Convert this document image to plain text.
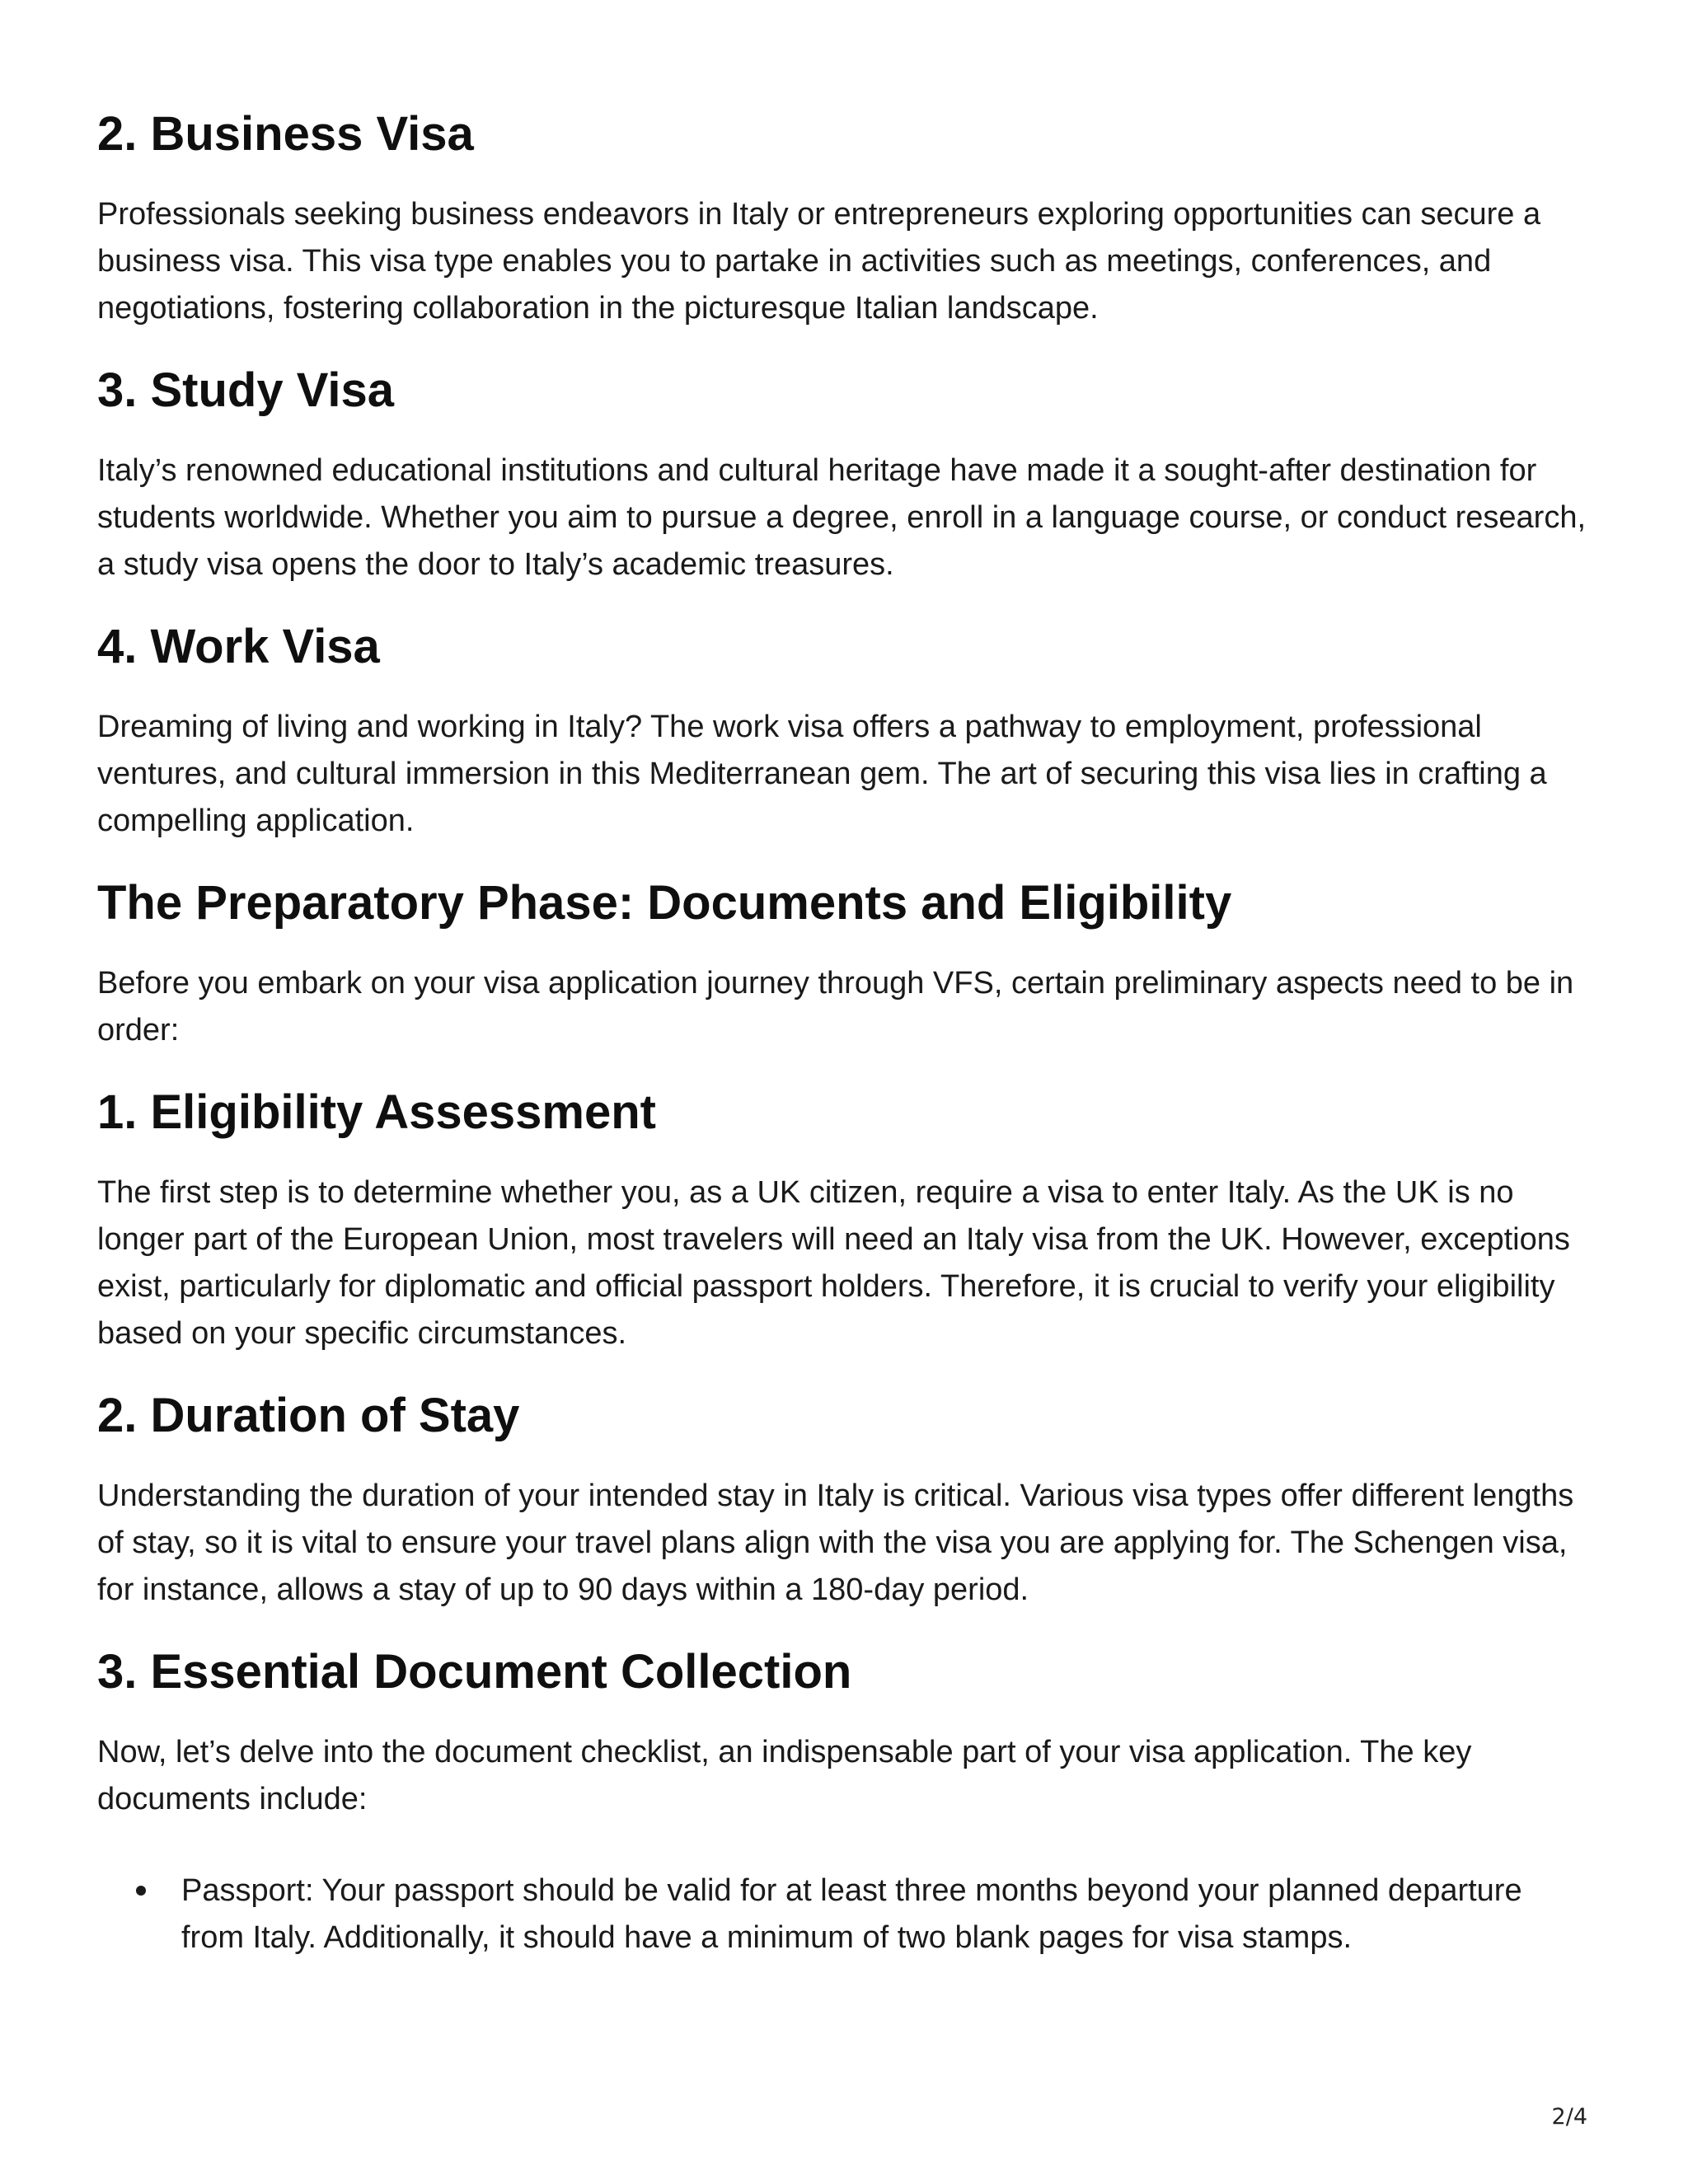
2. Business Visa

Professionals seeking business endeavors in Italy or entrepreneurs exploring opportunities can secure a business visa. This visa type enables you to partake in activities such as meetings, conferences, and negotiations, fostering collaboration in the picturesque Italian landscape.

3. Study Visa

Italy’s renowned educational institutions and cultural heritage have made it a sought-after destination for students worldwide. Whether you aim to pursue a degree, enroll in a language course, or conduct research, a study visa opens the door to Italy’s academic treasures.

4. Work Visa

Dreaming of living and working in Italy? The work visa offers a pathway to employment, professional ventures, and cultural immersion in this Mediterranean gem. The art of securing this visa lies in crafting a compelling application.

The Preparatory Phase: Documents and Eligibility

Before you embark on your visa application journey through VFS, certain preliminary aspects need to be in order:

1. Eligibility Assessment

The first step is to determine whether you, as a UK citizen, require a visa to enter Italy. As the UK is no longer part of the European Union, most travelers will need an Italy visa from the UK. However, exceptions exist, particularly for diplomatic and official passport holders. Therefore, it is crucial to verify your eligibility based on your specific circumstances.

2. Duration of Stay

Understanding the duration of your intended stay in Italy is critical. Various visa types offer different lengths of stay, so it is vital to ensure your travel plans align with the visa you are applying for. The Schengen visa, for instance, allows a stay of up to 90 days within a 180-day period.

3. Essential Document Collection

Now, let’s delve into the document checklist, an indispensable part of your visa application. The key documents include:

Passport: Your passport should be valid for at least three months beyond your planned departure from Italy. Additionally, it should have a minimum of two blank pages for visa stamps.
2/4
